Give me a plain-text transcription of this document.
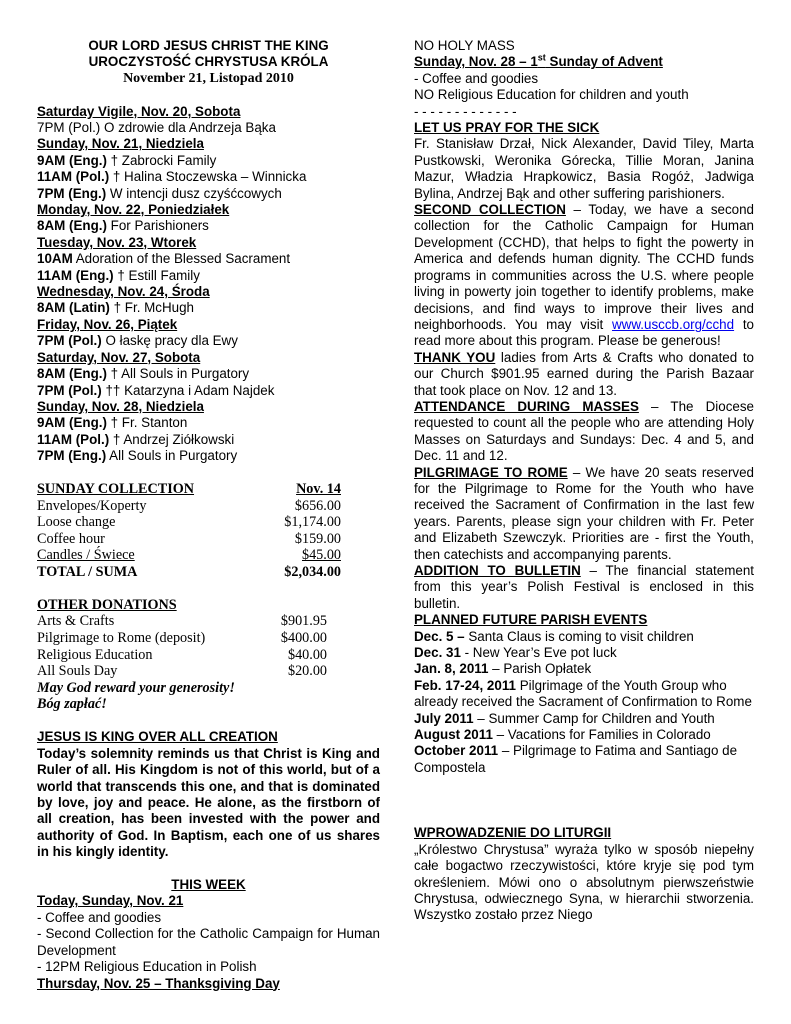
OUR LORD JESUS CHRIST THE KING
UROCZYSTOŚĆ CHRYSTUSA KRÓLA
November 21, Listopad 2010
Saturday Vigile, Nov. 20, Sobota
7PM (Pol.) O zdrowie dla Andrzeja Bąka
Sunday, Nov. 21, Niedziela
9AM (Eng.) † Zabrocki Family
11AM (Pol.) † Halina Stoczewska – Winnicka
7PM (Eng.) W intencji dusz czyśćcowych
Monday, Nov. 22, Poniedziałek
8AM (Eng.) For Parishioners
Tuesday, Nov. 23, Wtorek
10AM Adoration of the Blessed Sacrament
11AM (Eng.) † Estill Family
Wednesday, Nov. 24, Środa
8AM (Latin) † Fr. McHugh
Friday, Nov. 26, Piątek
7PM (Pol.) O łaskę pracy dla Ewy
Saturday, Nov. 27, Sobota
8AM (Eng.) † All Souls in Purgatory
7PM (Pol.) †† Katarzyna i Adam Najdek
Sunday, Nov. 28, Niedziela
9AM (Eng.) † Fr. Stanton
11AM (Pol.) † Andrzej Ziółkowski
7PM (Eng.) All Souls in Purgatory
SUNDAY COLLECTION	Nov. 14
Envelopes/Koperty	$656.00
Loose change	$1,174.00
Coffee hour	$159.00
Candles / Świece	$45.00
TOTAL / SUMA	$2,034.00
OTHER DONATIONS
Arts & Crafts	$901.95
Pilgrimage to Rome (deposit)	$400.00
Religious Education	$40.00
All Souls Day	$20.00
May God reward your generosity!
Bóg zapłać!
JESUS IS KING OVER ALL CREATION
Today’s solemnity reminds us that Christ is King and Ruler of all. His Kingdom is not of this world, but of a world that transcends this one, and that is dominated by love, joy and peace. He alone, as the firstborn of all creation, has been invested with the power and authority of God. In Baptism, each one of us shares in his kingly identity.
THIS WEEK
Today, Sunday, Nov. 21
- Coffee and goodies
- Second Collection for the Catholic Campaign for Human Development
- 12PM Religious Education in Polish
Thursday, Nov. 25 – Thanksgiving Day
NO HOLY MASS
Sunday, Nov. 28 – 1st Sunday of Advent
- Coffee and goodies
NO Religious Education for children and youth
- - - - - - - - - - - - -
LET US PRAY FOR THE SICK
Fr. Stanisław Drzał, Nick Alexander, David Tiley, Marta Pustkowski, Weronika Górecka, Tillie Moran, Janina Mazur, Władzia Hrapkowicz, Basia Rogóż, Jadwiga Bylina, Andrzej Bąk and other suffering parishioners.
SECOND COLLECTION – Today, we have a second collection for the Catholic Campaign for Human Development (CCHD), that helps to fight the powerty in America and defends human dignity. The CCHD funds programs in communities across the U.S. where people living in powerty join together to identify problems, make decisions, and find ways to improve their lives and neighborhoods. You may visit www.usccb.org/cchd to read more about this program. Please be generous!
THANK YOU ladies from Arts & Crafts who donated to our Church $901.95 earned during the Parish Bazaar that took place on Nov. 12 and 13.
ATTENDANCE DURING MASSES – The Diocese requested to count all the people who are attending Holy Masses on Saturdays and Sundays: Dec. 4 and 5, and Dec. 11 and 12.
PILGRIMAGE TO ROME – We have 20 seats reserved for the Pilgrimage to Rome for the Youth who have received the Sacrament of Confirmation in the last few years. Parents, please sign your children with Fr. Peter and Elizabeth Szewczyk. Priorities are - first the Youth, then catechists and accompanying parents.
ADDITION TO BULLETIN – The financial statement from this year’s Polish Festival is enclosed in this bulletin.
PLANNED FUTURE PARISH EVENTS
Dec. 5 – Santa Claus is coming to visit children
Dec. 31 - New Year’s Eve pot luck
Jan. 8, 2011 – Parish Opłatek
Feb. 17-24, 2011 Pilgrimage of the Youth Group who already received the Sacrament of Confirmation to Rome
July 2011 – Summer Camp for Children and Youth
August 2011 – Vacations for Families in Colorado
October 2011 – Pilgrimage to Fatima and Santiago de Compostela
WPROWADZENIE DO LITURGII
„Królestwo Chrystusa” wyraża tylko w sposób niepełny całe bogactwo rzeczywistości, które kryje się pod tym określeniem. Mówi ono o absolutnym pierwszeństwie Chrystusa, odwiecznego Syna, w hierarchii stworzenia. Wszystko zostało przez Niego
